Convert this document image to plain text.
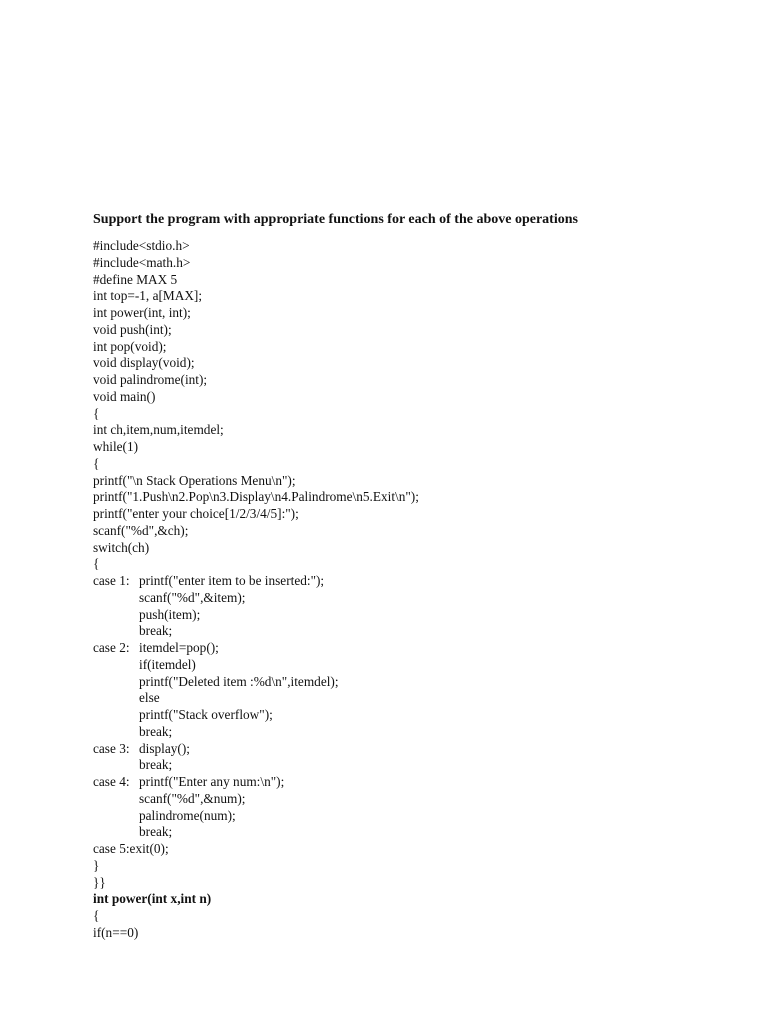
Support the program with appropriate functions for each of the above operations
#include<stdio.h>
#include<math.h>
#define MAX 5
int top=-1, a[MAX];
int power(int, int);
void push(int);
int pop(void);
void display(void);
void palindrome(int);
void main()
{
int ch,item,num,itemdel;
while(1)
{
printf("\n Stack Operations Menu\n");
printf("1.Push\n2.Pop\n3.Display\n4.Palindrome\n5.Exit\n");
printf("enter your choice[1/2/3/4/5]:");
scanf("%d",&ch);
switch(ch)
{
case 1: printf("enter item to be inserted:");
scanf("%d",&item);
push(item);
break;
case 2: itemdel=pop();
if(itemdel)
printf("Deleted item :%d\n",itemdel);
else
printf("Stack overflow");
break;
case 3: display();
break;
case 4: printf("Enter any num:\n");
scanf("%d",&num);
palindrome(num);
break;
case 5:exit(0);
}
}}
int power(int x,int n)
{
if(n==0)
